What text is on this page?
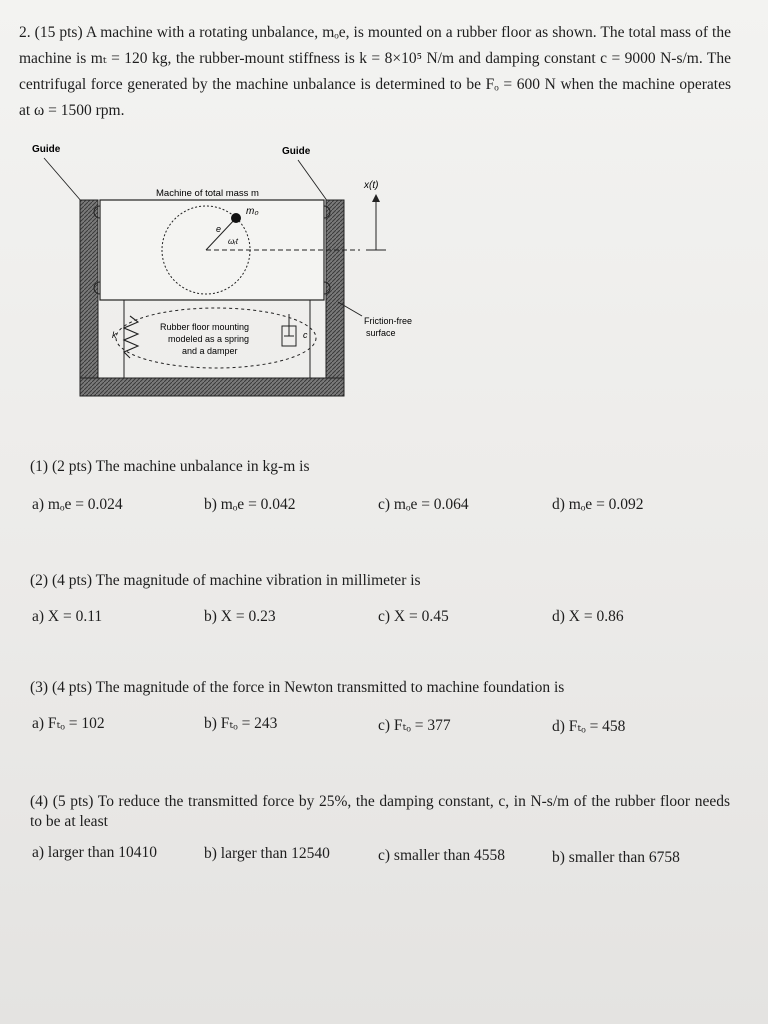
2. (15 pts) A machine with a rotating unbalance, mₒe, is mounted on a rubber floor as shown. The total mass of the machine is mₜ = 120 kg, the rubber-mount stiffness is k = 8×10⁵ N/m and damping constant c = 9000 N-s/m. The centrifugal force generated by the machine unbalance is determined to be Fₒ = 600 N when the machine operates at ω = 1500 rpm.
Guide	Guide
Machine of total mass m
m₀
e
ωᵣt
x(t)
k	c
Rubber floor mounting
modeled as a spring
and a damper
Friction-free
surface
(1) (2 pts) The machine unbalance in kg-m is
a) mₒe = 0.024	b) mₒe = 0.042	c) mₒe = 0.064	d) mₒe = 0.092
(2) (4 pts) The magnitude of machine vibration in millimeter is
a) X = 0.11	b) X = 0.23	c) X = 0.45	d) X = 0.86
(3) (4 pts) The magnitude of the force in Newton transmitted to machine foundation is
a) Fₜₒ = 102	b) Fₜₒ = 243	c) Fₜₒ = 377	d) Fₜₒ = 458
(4) (5 pts) To reduce the transmitted force by 25%, the damping constant, c, in N-s/m of the rubber floor needs to be at least
a) larger than 10410	b) larger than 12540	c) smaller than 4558	b) smaller than 6758
